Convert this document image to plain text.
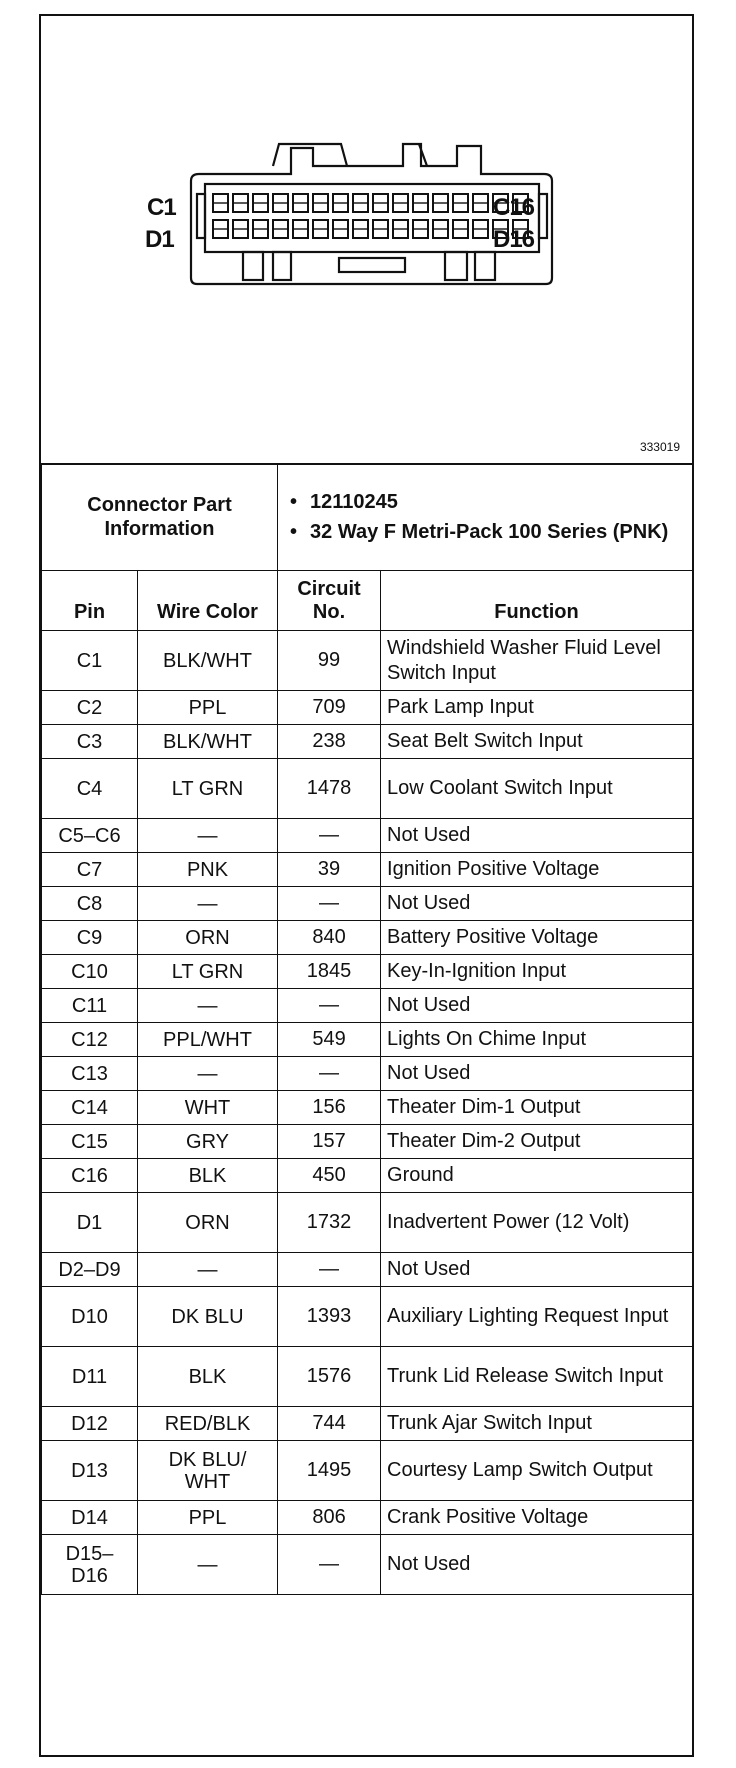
C1
D1
C16
D16
333019
Connector Part Information		• 12110245
• 32 Way F Metri-Pack 100 Series (PNK)

Pin	Wire Color	Circuit No.	Function
C1	BLK/WHT	99	Windshield Washer Fluid Level Switch Input
C2	PPL	709	Park Lamp Input
C3	BLK/WHT	238	Seat Belt Switch Input
C4	LT GRN	1478	Low Coolant Switch Input
C5–C6	—	—	Not Used
C7	PNK	39	Ignition Positive Voltage
C8	—	—	Not Used
C9	ORN	840	Battery Positive Voltage
C10	LT GRN	1845	Key-In-Ignition Input
C11	—	—	Not Used
C12	PPL/WHT	549	Lights On Chime Input
C13	—	—	Not Used
C14	WHT	156	Theater Dim-1 Output
C15	GRY	157	Theater Dim-2 Output
C16	BLK	450	Ground
D1	ORN	1732	Inadvertent Power (12 Volt)
D2–D9	—	—	Not Used
D10	DK BLU	1393	Auxiliary Lighting Request Input
D11	BLK	1576	Trunk Lid Release Switch Input
D12	RED/BLK	744	Trunk Ajar Switch Input
D13	DK BLU/ WHT	1495	Courtesy Lamp Switch Output
D14	PPL	806	Crank Positive Voltage
D15– D16	—	—	Not Used
